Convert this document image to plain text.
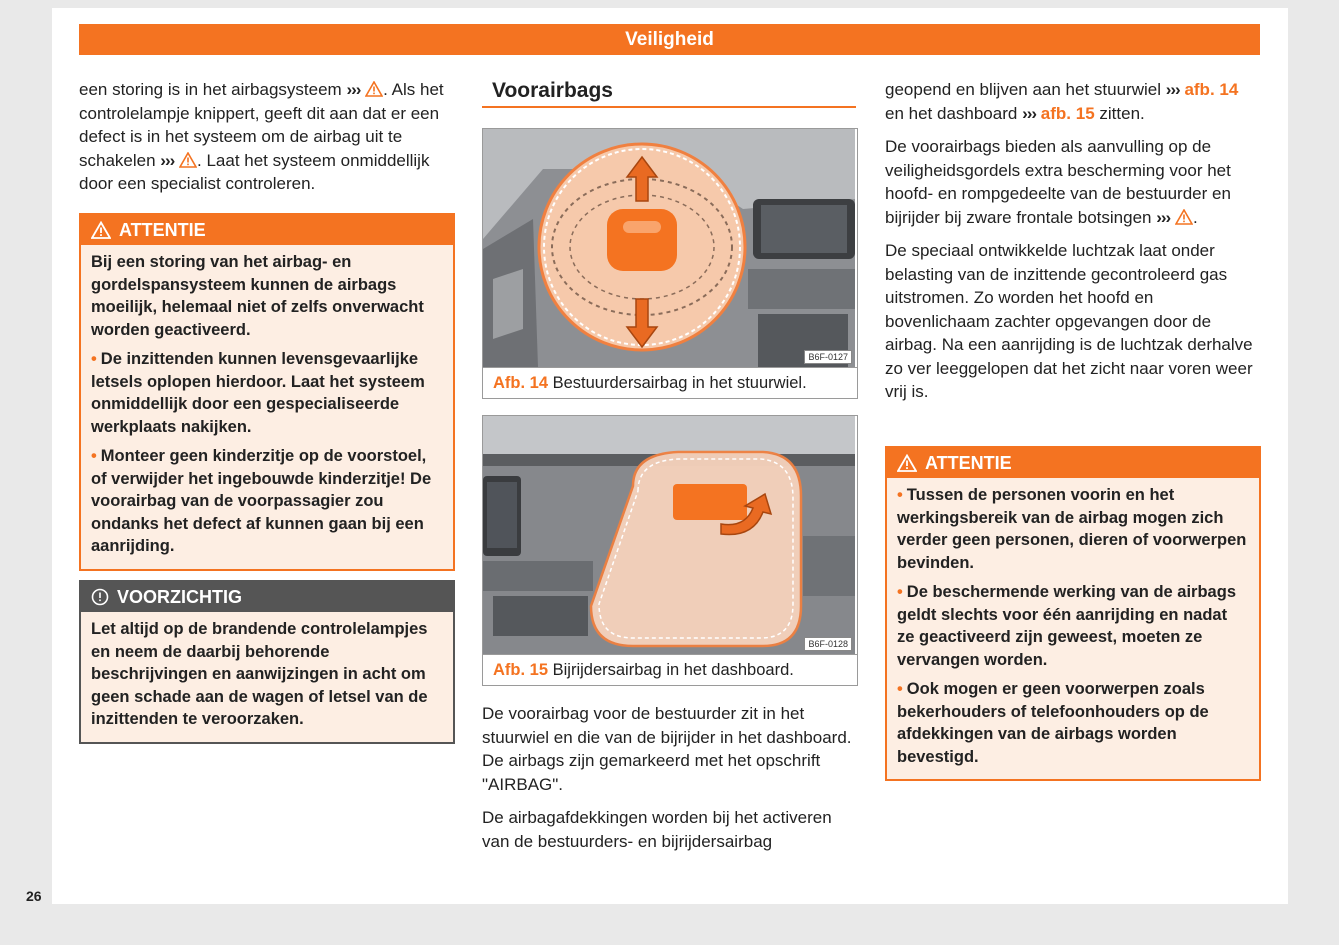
Veiligheid

een storing is in het airbagsysteem ››› . Als het controlelampje knippert, geeft dit aan dat er een defect is in het systeem om de airbag uit te schakelen ››› . Laat het systeem onmiddellijk door een specialist controleren.

ATTENTIE

Bij een storing van het airbag- en gordelspansysteem kunnen de airbags moeilijk, helemaal niet of zelfs onverwacht worden geactiveerd.

• De inzittenden kunnen levensgevaarlijke letsels oplopen hierdoor. Laat het systeem onmiddellijk door een gespecialiseerde werkplaats nakijken.

• Monteer geen kinderzitje op de voorstoel, of verwijder het ingebouwde kinderzitje! De voorairbag van de voorpassagier zou ondanks het defect af kunnen gaan bij een aanrijding.

VOORZICHTIG

Let altijd op de brandende controlelampjes en neem de daarbij behorende beschrijvingen en aanwijzingen in acht om geen schade aan de wagen of letsel van de inzittenden te veroorzaken.

Voorairbags
B6F-0127
Afb. 14 Bestuurdersairbag in het stuurwiel.
B6F-0128
Afb. 15 Bijrijdersairbag in het dashboard.

De voorairbag voor de bestuurder zit in het stuurwiel en die van de bijrijder in het dashboard. De airbags zijn gemarkeerd met het opschrift "AIRBAG".

De airbagafdekkingen worden bij het activeren van de bestuurders- en bijrijdersairbag

geopend en blijven aan het stuurwiel ››› afb. 14 en het dashboard ››› afb. 15 zitten.

De voorairbags bieden als aanvulling op de veiligheidsgordels extra bescherming voor het hoofd- en rompgedeelte van de bestuurder en bijrijder bij zware frontale botsingen ››› .

De speciaal ontwikkelde luchtzak laat onder belasting van de inzittende gecontroleerd gas uitstromen. Zo worden het hoofd en bovenlichaam zachter opgevangen door de airbag. Na een aanrijding is de luchtzak derhalve zo ver leeggelopen dat het zicht naar voren weer vrij is.

ATTENTIE

• Tussen de personen voorin en het werkingsbereik van de airbag mogen zich verder geen personen, dieren of voorwerpen bevinden.

• De beschermende werking van de airbags geldt slechts voor één aanrijding en nadat ze geactiveerd zijn geweest, moeten ze vervangen worden.

• Ook mogen er geen voorwerpen zoals bekerhouders of telefoonhouders op de afdekkingen van de airbags worden bevestigd.

26
